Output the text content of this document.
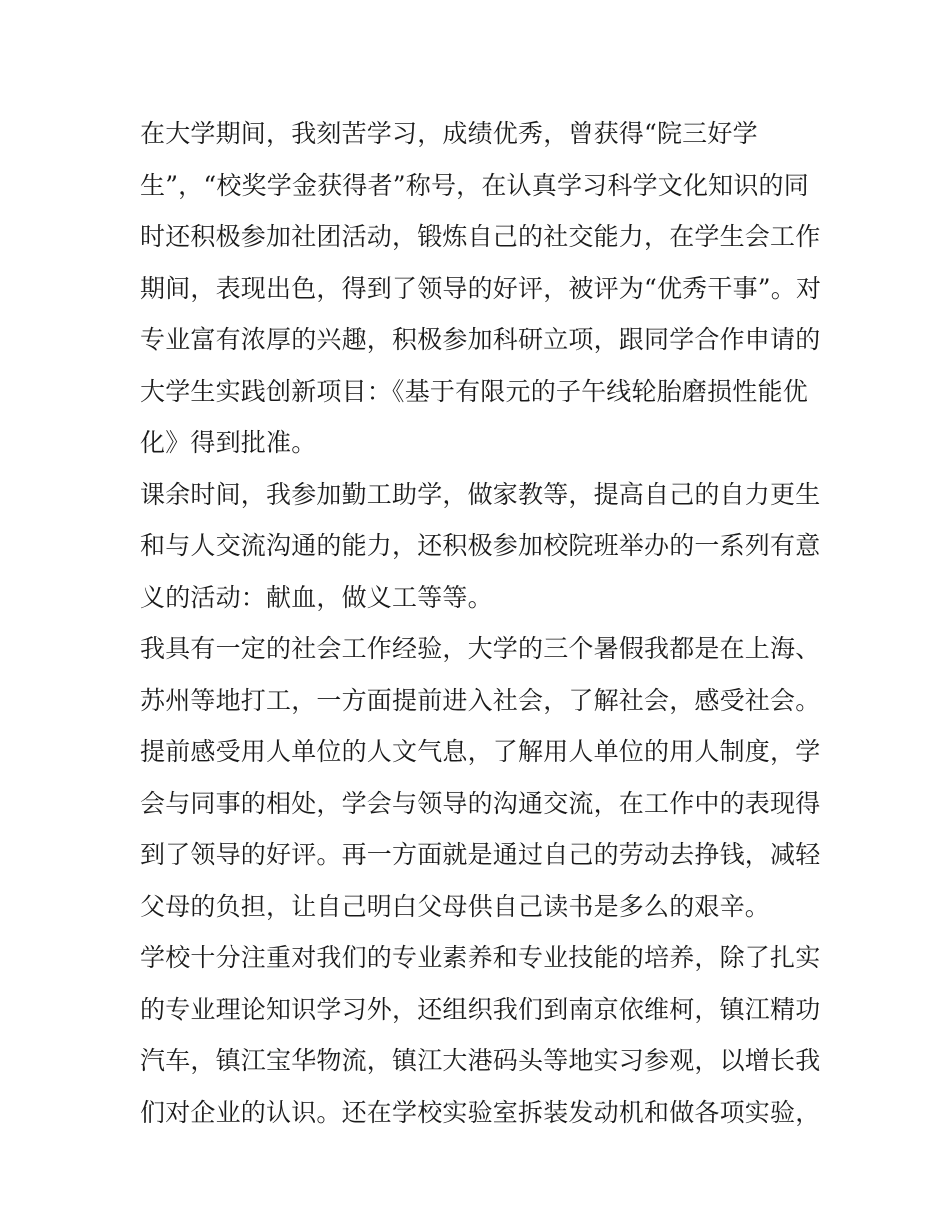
在大学期间，我刻苦学习，成绩优秀，曾获得“院三好学
生”，“校奖学金获得者”称号，在认真学习科学文化知识的同
时还积极参加社团活动，锻炼自己的社交能力，在学生会工作
期间，表现出色，得到了领导的好评，被评为“优秀干事”。对
专业富有浓厚的兴趣，积极参加科研立项，跟同学合作申请的
大学生实践创新项目：《基于有限元的子午线轮胎磨损性能优
化》得到批准。
课余时间，我参加勤工助学，做家教等，提高自己的自力更生
和与人交流沟通的能力，还积极参加校院班举办的一系列有意
义的活动：献血，做义工等等。
我具有一定的社会工作经验，大学的三个暑假我都是在上海、
苏州等地打工，一方面提前进入社会，了解社会，感受社会。
提前感受用人单位的人文气息，了解用人单位的用人制度，学
会与同事的相处，学会与领导的沟通交流，在工作中的表现得
到了领导的好评。再一方面就是通过自己的劳动去挣钱，减轻
父母的负担，让自己明白父母供自己读书是多么的艰辛。
学校十分注重对我们的专业素养和专业技能的培养，除了扎实
的专业理论知识学习外，还组织我们到南京依维柯，镇江精功
汽车，镇江宝华物流，镇江大港码头等地实习参观，以增长我
们对企业的认识。还在学校实验室拆装发动机和做各项实验，
